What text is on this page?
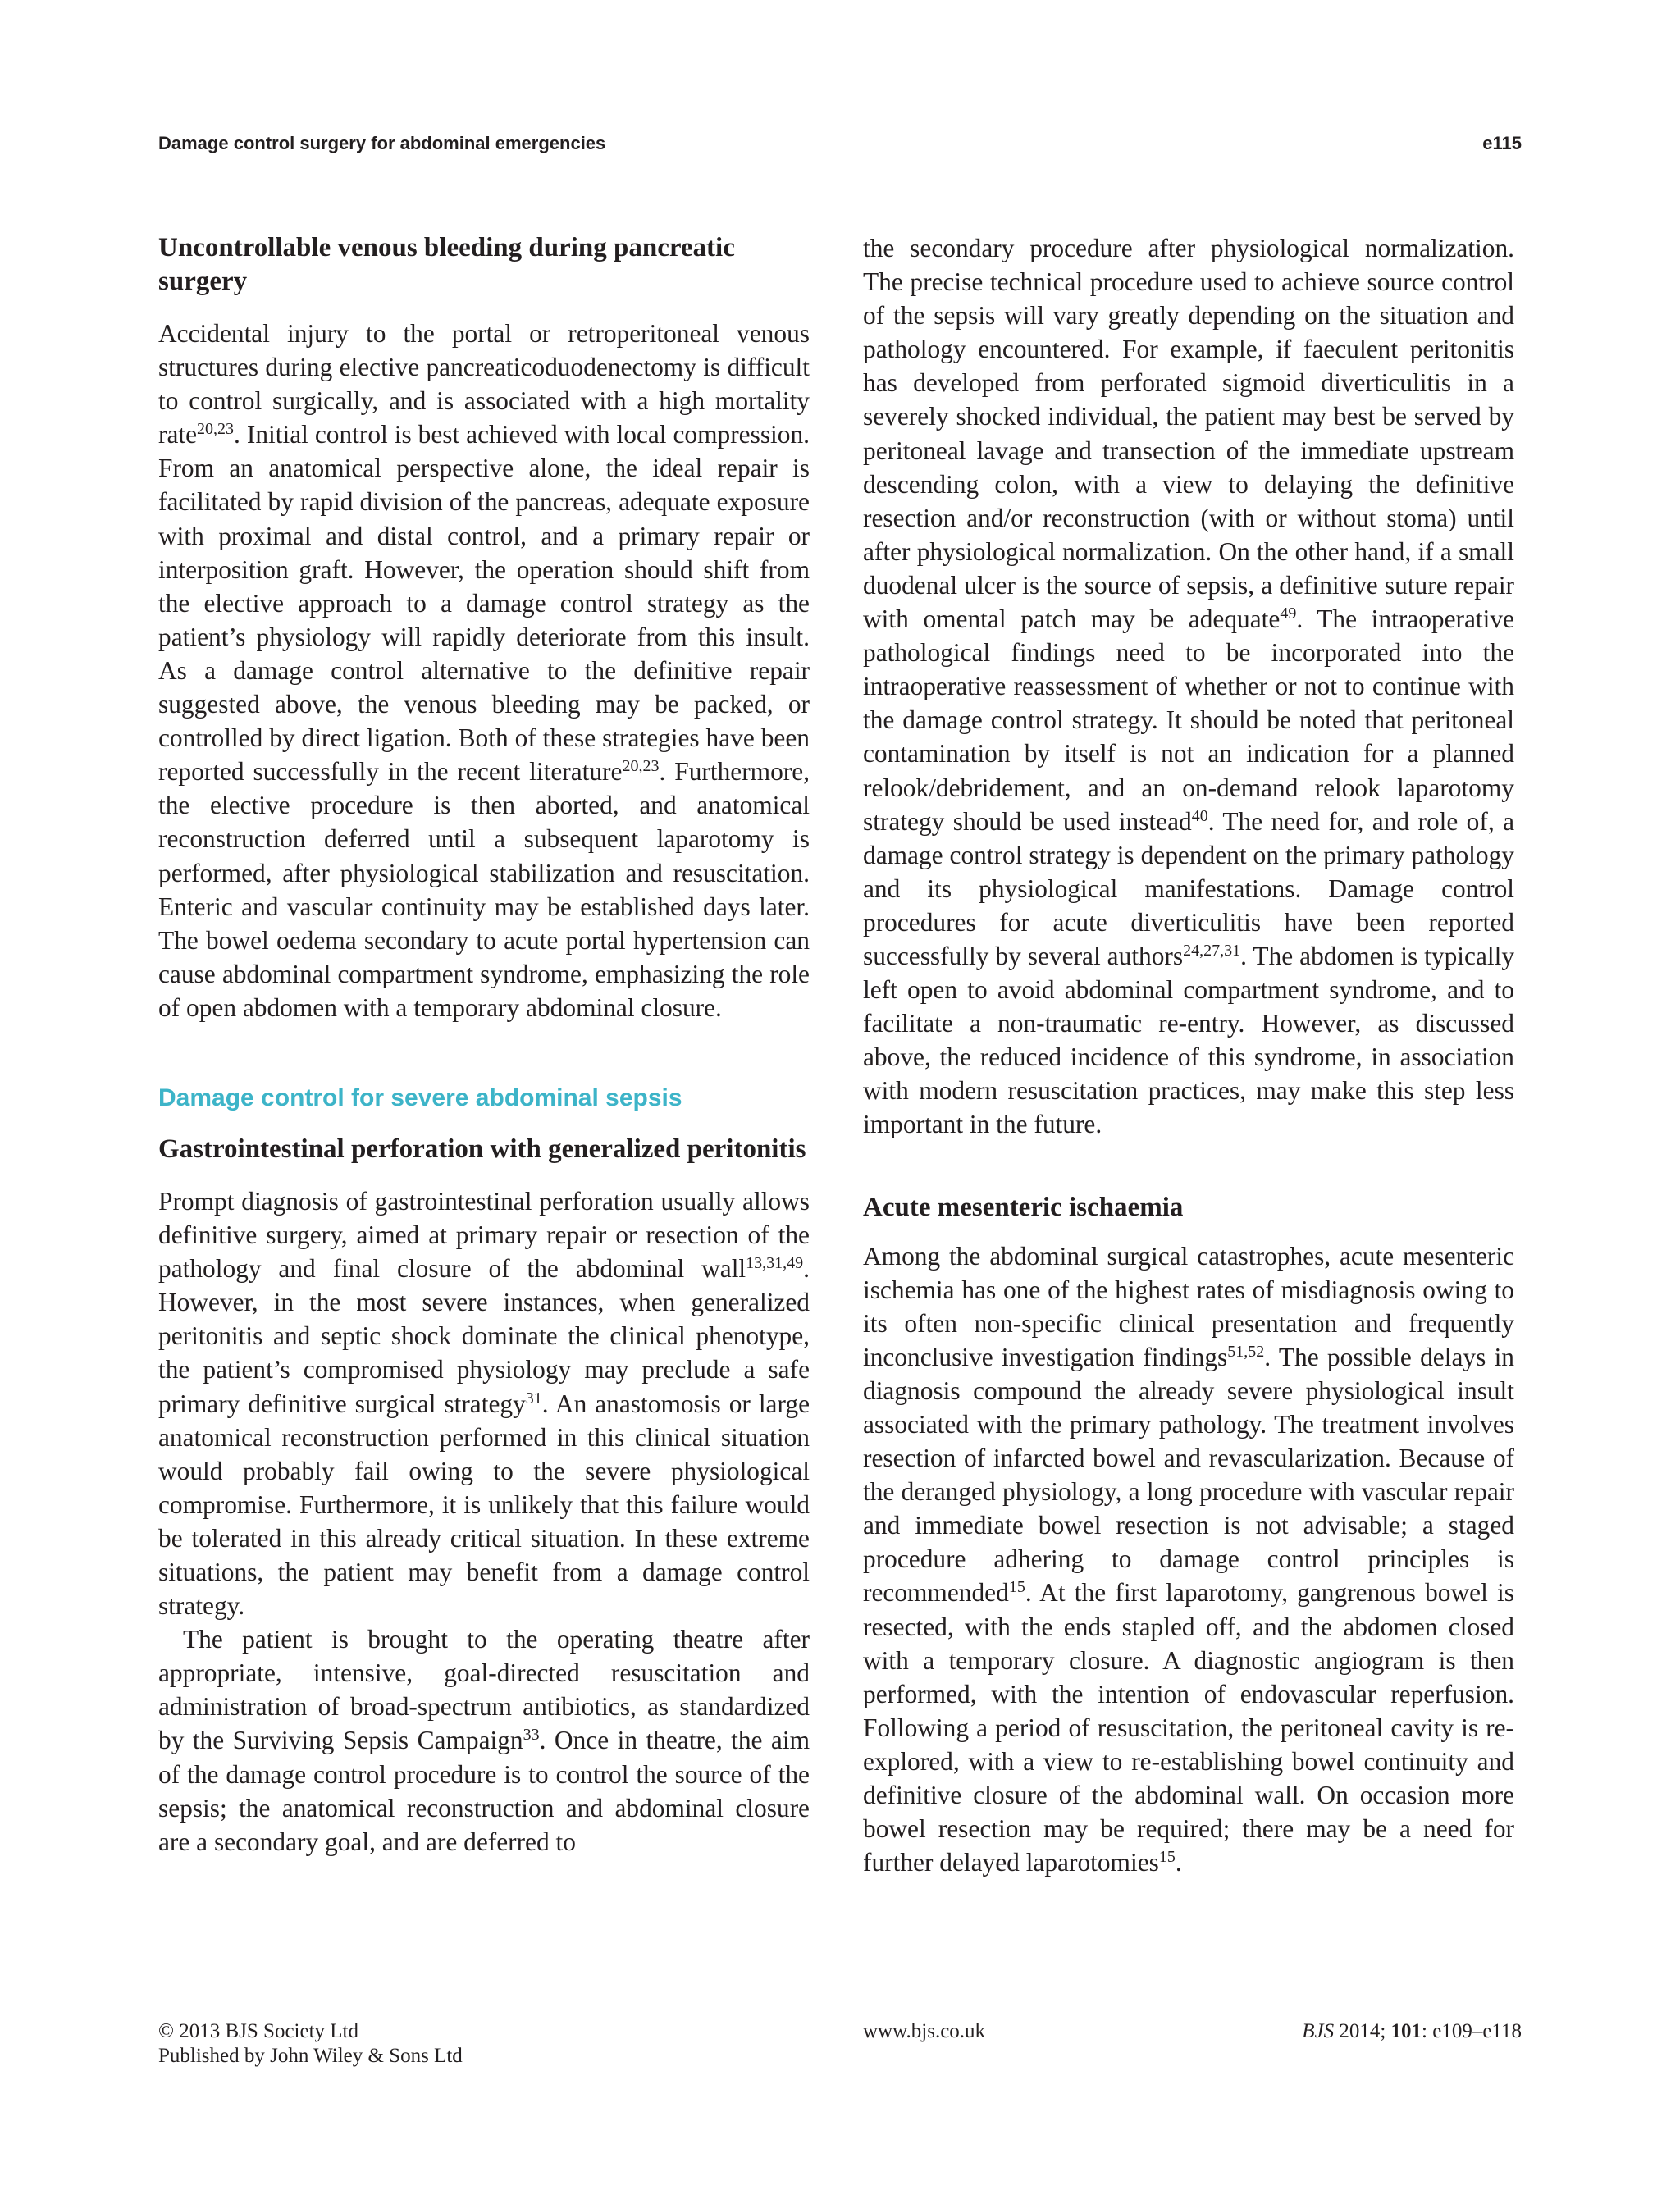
Damage control surgery for abdominal emergencies	e115
Uncontrollable venous bleeding during pancreatic surgery

Accidental injury to the portal or retroperitoneal venous structures during elective pancreaticoduodenectomy is difficult to control surgically, and is associated with a high mortality rate$^{20,23}$. Initial control is best achieved with local compression. From an anatomical perspective alone, the ideal repair is facilitated by rapid division of the pancreas, adequate exposure with proximal and distal control, and a primary repair or interposition graft. However, the operation should shift from the elective approach to a damage control strategy as the patient’s physiology will rapidly deteriorate from this insult. As a damage control alternative to the definitive repair suggested above, the venous bleeding may be packed, or controlled by direct ligation. Both of these strategies have been reported successfully in the recent literature$^{20,23}$. Furthermore, the elective procedure is then aborted, and anatomical reconstruction deferred until a subsequent laparotomy is performed, after physiological stabilization and resuscitation. Enteric and vascular continuity may be established days later. The bowel oedema secondary to acute portal hypertension can cause abdominal compartment syndrome, emphasizing the role of open abdomen with a temporary abdominal closure.

Damage control for severe abdominal sepsis
Gastrointestinal perforation with generalized peritonitis

Prompt diagnosis of gastrointestinal perforation usually allows definitive surgery, aimed at primary repair or resection of the pathology and final closure of the abdominal wall$^{13,31,49}$. However, in the most severe instances, when generalized peritonitis and septic shock dominate the clinical phenotype, the patient’s compromised physiology may preclude a safe primary definitive surgical strategy$^{31}$. An anastomosis or large anatomical reconstruction performed in this clinical situation would probably fail owing to the severe physiological compromise. Furthermore, it is unlikely that this failure would be tolerated in this already critical situation. In these extreme situations, the patient may benefit from a damage control strategy.

The patient is brought to the operating theatre after appropriate, intensive, goal-directed resuscitation and administration of broad-spectrum antibiotics, as standardized by the Surviving Sepsis Campaign$^{33}$. Once in theatre, the aim of the damage control procedure is to control the source of the sepsis; the anatomical reconstruction and abdominal closure are a secondary goal, and are deferred to

the secondary procedure after physiological normalization. The precise technical procedure used to achieve source control of the sepsis will vary greatly depending on the situation and pathology encountered. For example, if faeculent peritonitis has developed from perforated sigmoid diverticulitis in a severely shocked individual, the patient may best be served by peritoneal lavage and transection of the immediate upstream descending colon, with a view to delaying the definitive resection and/or reconstruction (with or without stoma) until after physiological normalization. On the other hand, if a small duodenal ulcer is the source of sepsis, a definitive suture repair with omental patch may be adequate$^{49}$. The intraoperative pathological findings need to be incorporated into the intraoperative reassessment of whether or not to continue with the damage control strategy. It should be noted that peritoneal contamination by itself is not an indication for a planned relook/debridement, and an on-demand relook laparotomy strategy should be used instead$^{40}$. The need for, and role of, a damage control strategy is dependent on the primary pathology and its physiological manifestations. Damage control procedures for acute diverticulitis have been reported successfully by several authors$^{24,27,31}$. The abdomen is typically left open to avoid abdominal compartment syndrome, and to facilitate a non-traumatic re-entry. However, as discussed above, the reduced incidence of this syndrome, in association with modern resuscitation practices, may make this step less important in the future.

Acute mesenteric ischaemia

Among the abdominal surgical catastrophes, acute mesenteric ischemia has one of the highest rates of misdiagnosis owing to its often non-specific clinical presentation and frequently inconclusive investigation findings$^{51,52}$. The possible delays in diagnosis compound the already severe physiological insult associated with the primary pathology. The treatment involves resection of infarcted bowel and revascularization. Because of the deranged physiology, a long procedure with vascular repair and immediate bowel resection is not advisable; a staged procedure adhering to damage control principles is recommended$^{15}$. At the first laparotomy, gangrenous bowel is resected, with the ends stapled off, and the abdomen closed with a temporary closure. A diagnostic angiogram is then performed, with the intention of endovascular reperfusion. Following a period of resuscitation, the peritoneal cavity is re-explored, with a view to re-establishing bowel continuity and definitive closure of the abdominal wall. On occasion more bowel resection may be required; there may be a need for further delayed laparotomies$^{15}$.

© 2013 BJS Society Ltd
Published by John Wiley & Sons Ltd
www.bjs.co.uk	BJS 2014; 101: e109–e118
